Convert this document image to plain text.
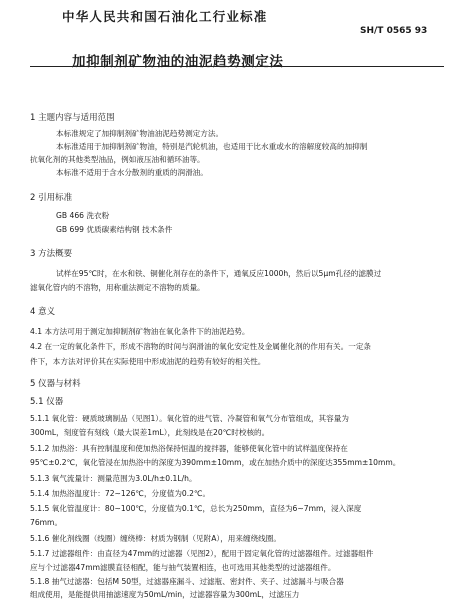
中华人民共和国石油化工行业标准
SH/T 0565 93
加抑制剂矿物油的油泥趋势测定法
1 主题内容与适用范围
本标准规定了加抑制剂矿物油油泥趋势测定方法。
本标准适用于加抑制剂矿物油，特别是汽轮机油，也适用于比水重或水的溶解度较高的加抑制
抗氧化剂的其他类型油品，例如液压油和循环油等。
本标准不适用于含水分散剂的重质的润滑油。
2 引用标准
GB 466 洗衣粉
GB 699 优质碳素结构钢 技术条件
3 方法概要
试样在95℃时，在水和铁、铜催化剂存在的条件下，通氧反应1000h，然后以5μm孔径的滤膜过
滤氧化管内的不溶物，用称重法测定不溶物的质量。
4 意义
4.1 本方法可用于测定加抑制剂矿物油在氧化条件下的油泥趋势。
4.2 在一定的氧化条件下，形成不溶物的时间与润滑油的氧化安定性及金属催化剂的作用有关。一定条
件下，本方法对评价其在实际使用中形成油泥的趋势有较好的相关性。
5 仪器与材料
5.1 仪器
5.1.1 氧化管：硬质玻璃制品（见图1）。氧化管的进气管、冷凝管和氧气分布管组成，其容量为
300mL，刻度管有刻线（最大误差1mL），此刻线是在20℃时校核的。
5.1.2 加热浴：具有控制温度和使加热浴保持恒温的搅拌器，能够使氧化管中的试样温度保持在
95℃±0.2℃，氧化管浸在加热浴中的深度为390mm±10mm，或在加热介质中的深度达355mm±10mm。
5.1.3 氧气流量计：测量范围为3.0L/h±0.1L/h。
5.1.4 加热浴温度计：72~126℃，分度值为0.2℃。
5.1.5 氧化管温度计：80~100℃，分度值为0.1℃，总长为250mm，直径为6~7mm，浸入深度
76mm。
5.1.6 催化剂线圈（线圈）缠绕棒：材质为钢制（见附A），用来缠绕线圈。
5.1.7 过滤器组件：由直径为47mm的过滤器（见图2），配用于固定氧化管的过滤器组件。过滤器组件
应与个过滤器47mm滤膜直径相配，能与抽气装置相连，也可选用其他类型的过滤器组件。
5.1.8 抽气过滤器：包括M 50型，过滤器座漏斗、过滤瓶、密封件、夹子、过滤漏斗与吸合器
组成使用，是能提供用抽滤速度为50mL/min，过滤器容量为300mL，过滤压力
